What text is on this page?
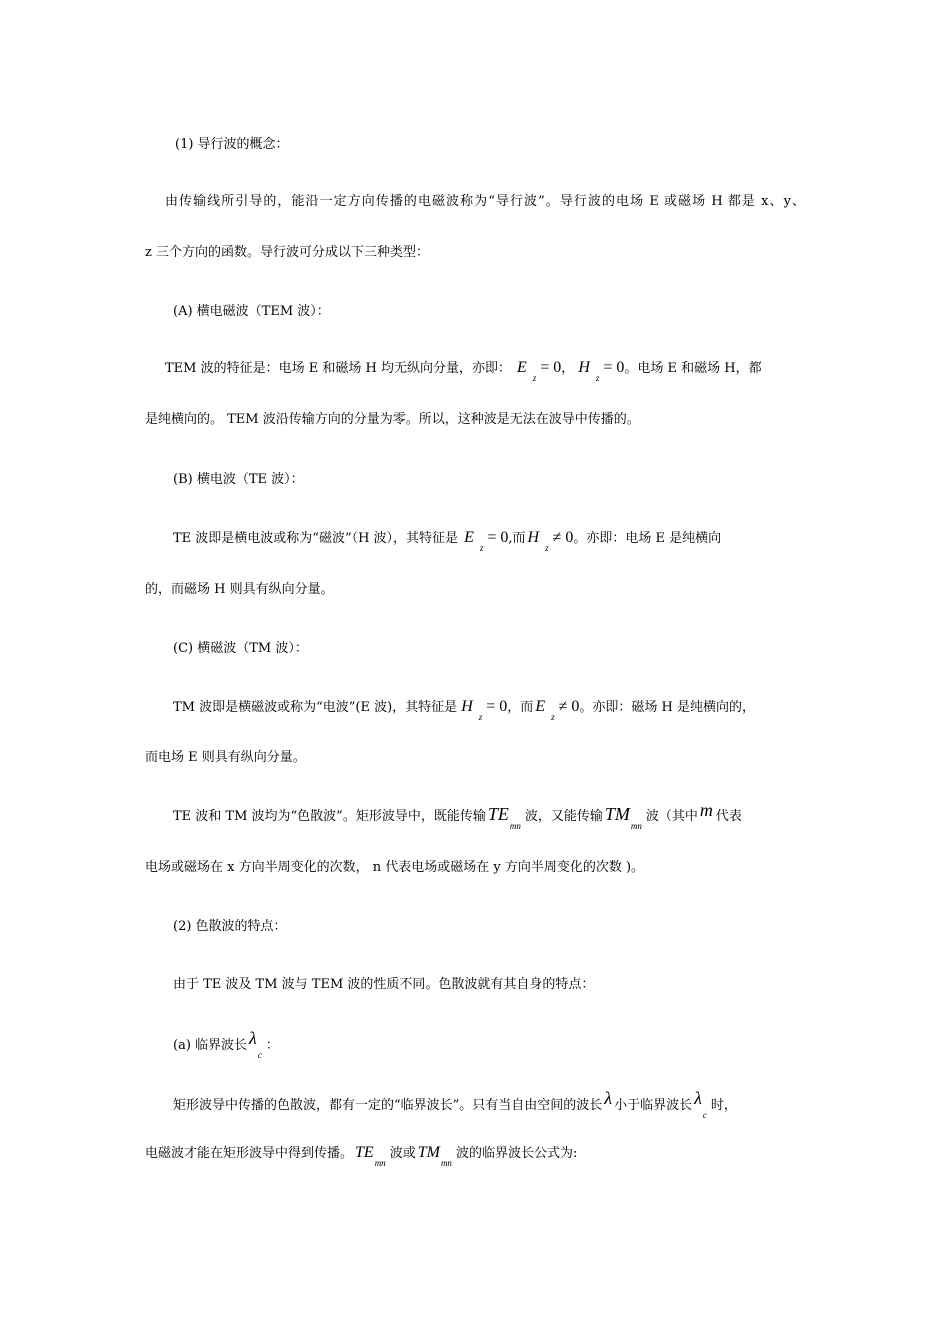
(1) 导行波的概念：
由传输线所引导的，能沿一定方向传播的电磁波称为“导行波”。导行波的电场 E 或磁场 H 都是 x、y、
z 三个方向的函数。导行波可分成以下三种类型：
(A) 横电磁波（TEM 波）：
TEM 波的特征是：电场 E 和磁场 H 均无纵向分量，亦即： $E_z= 0$， $H_z= 0$。电场 E 和磁场 H，都
是纯横向的。 TEM 波沿传输方向的分量为零。所以，这种波是无法在波导中传播的。
(B) 横电波（TE 波）：
TE 波即是横电波或称为“磁波”（H 波），其特征是 $E_z= 0$,而 $H_z\ne 0$。亦即：电场 E 是纯横向
的，而磁场 H 则具有纵向分量。
(C) 横磁波（TM 波）：
TM 波即是横磁波或称为“电波”(E 波)，其特征是 $H_z= 0$，而 $E_z\ne 0$。亦即：磁场 H 是纯横向的，
而电场 E 则具有纵向分量。
TE 波和 TM 波均为“色散波”。矩形波导中，既能传输 $TE_{mn}$波，又能传输 $TM_{mn}$波（其中 m 代表
电场或磁场在 x 方向半周变化的次数， n 代表电场或磁场在 y 方向半周变化的次数 )。
(2) 色散波的特点：
由于 TE 波及 TM 波与 TEM 波的性质不同。色散波就有其自身的特点：
(a) 临界波长 $\lambda_c$：
矩形波导中传播的色散波，都有一定的“临界波长”。只有当自由空间的波长 λ 小于临界波长 $\lambda_c$时，
电磁波才能在矩形波导中得到传播。 $TE_{mn}$波或 $TM_{mn}$波的临界波长公式为:
